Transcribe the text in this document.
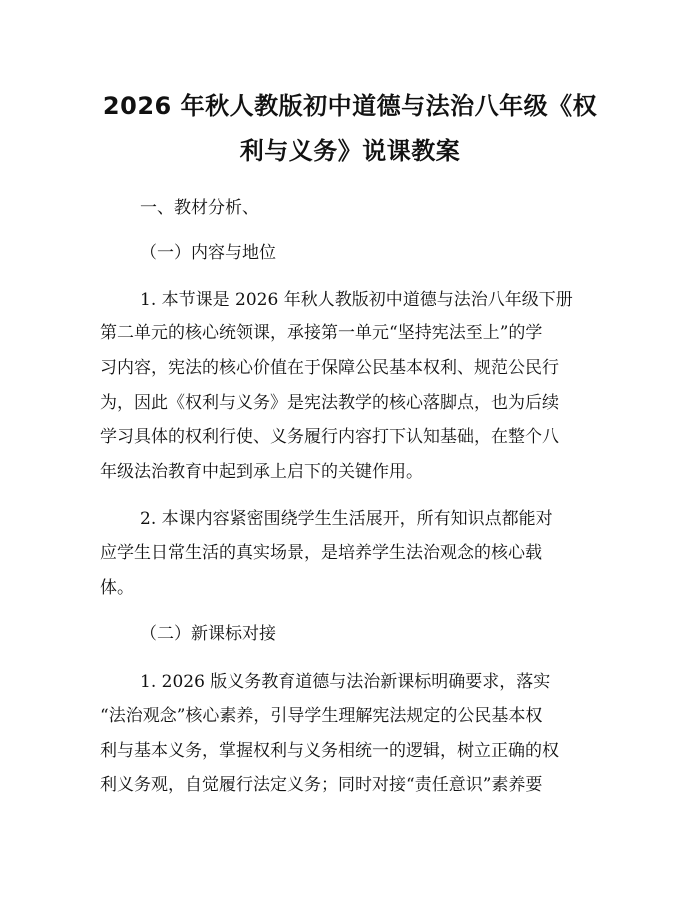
2026 年秋人教版初中道德与法治八年级《权
利与义务》说课教案
一、教材分析、
（一）内容与地位
1. 本节课是 2026 年秋人教版初中道德与法治八年级下册
第二单元的核心统领课，承接第一单元“坚持宪法至上”的学
习内容，宪法的核心价值在于保障公民基本权利、规范公民行
为，因此《权利与义务》是宪法教学的核心落脚点，也为后续
学习具体的权利行使、义务履行内容打下认知基础，在整个八
年级法治教育中起到承上启下的关键作用。
2. 本课内容紧密围绕学生生活展开，所有知识点都能对
应学生日常生活的真实场景，是培养学生法治观念的核心载
体。
（二）新课标对接
1. 2026 版义务教育道德与法治新课标明确要求，落实
“法治观念”核心素养，引导学生理解宪法规定的公民基本权
利与基本义务，掌握权利与义务相统一的逻辑，树立正确的权
利义务观，自觉履行法定义务；同时对接“责任意识”素养要
